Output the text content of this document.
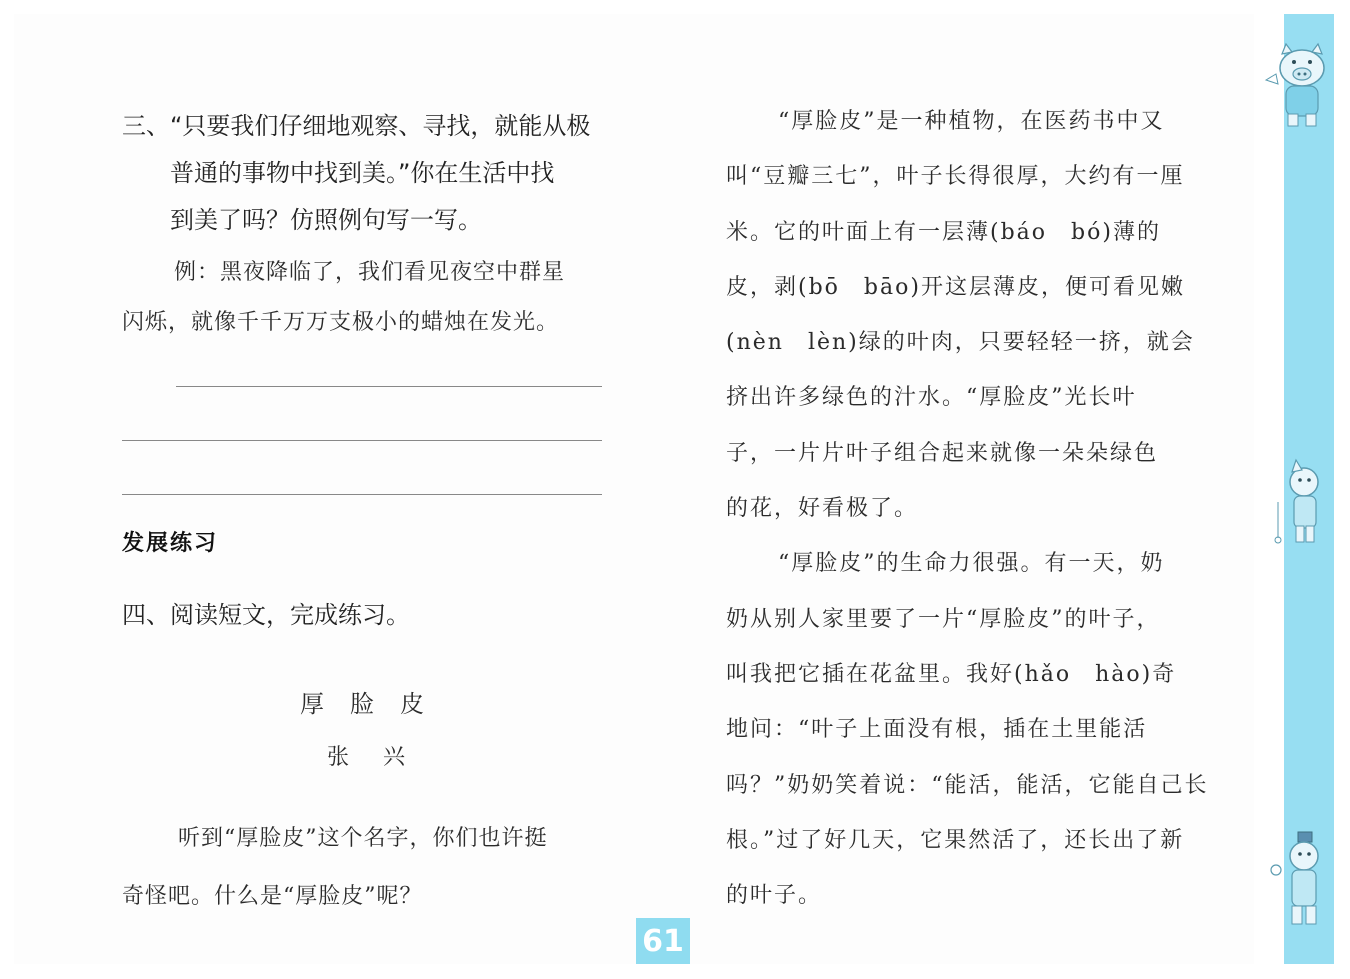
三、“只要我们仔细地观察、寻找，就能从极
普通的事物中找到美。”你在生活中找
到美了吗？仿照例句写一写。
例：黑夜降临了，我们看见夜空中群星
闪烁，就像千千万万支极小的蜡烛在发光。
发展练习
四、阅读短文，完成练习。
厚脸皮
张兴
听到“厚脸皮”这个名字，你们也许挺
奇怪吧。什么是“厚脸皮”呢？

“厚脸皮”是一种植物，在医药书中又

叫“豆瓣三七”，叶子长得很厚，大约有一厘

米。它的叶面上有一层薄(báo　bó)薄的

皮，剥(bō　bāo)开这层薄皮，便可看见嫩

(nèn　lèn)绿的叶肉，只要轻轻一挤，就会

挤出许多绿色的汁水。“厚脸皮”光长叶

子，一片片叶子组合起来就像一朵朵绿色

的花，好看极了。

“厚脸皮”的生命力很强。有一天，奶

奶从别人家里要了一片“厚脸皮”的叶子，

叫我把它插在花盆里。我好(hǎo　hào)奇

地问：“叶子上面没有根，插在土里能活

吗？”奶奶笑着说：“能活，能活，它能自己长

根。”过了好几天，它果然活了，还长出了新

的叶子。

61
